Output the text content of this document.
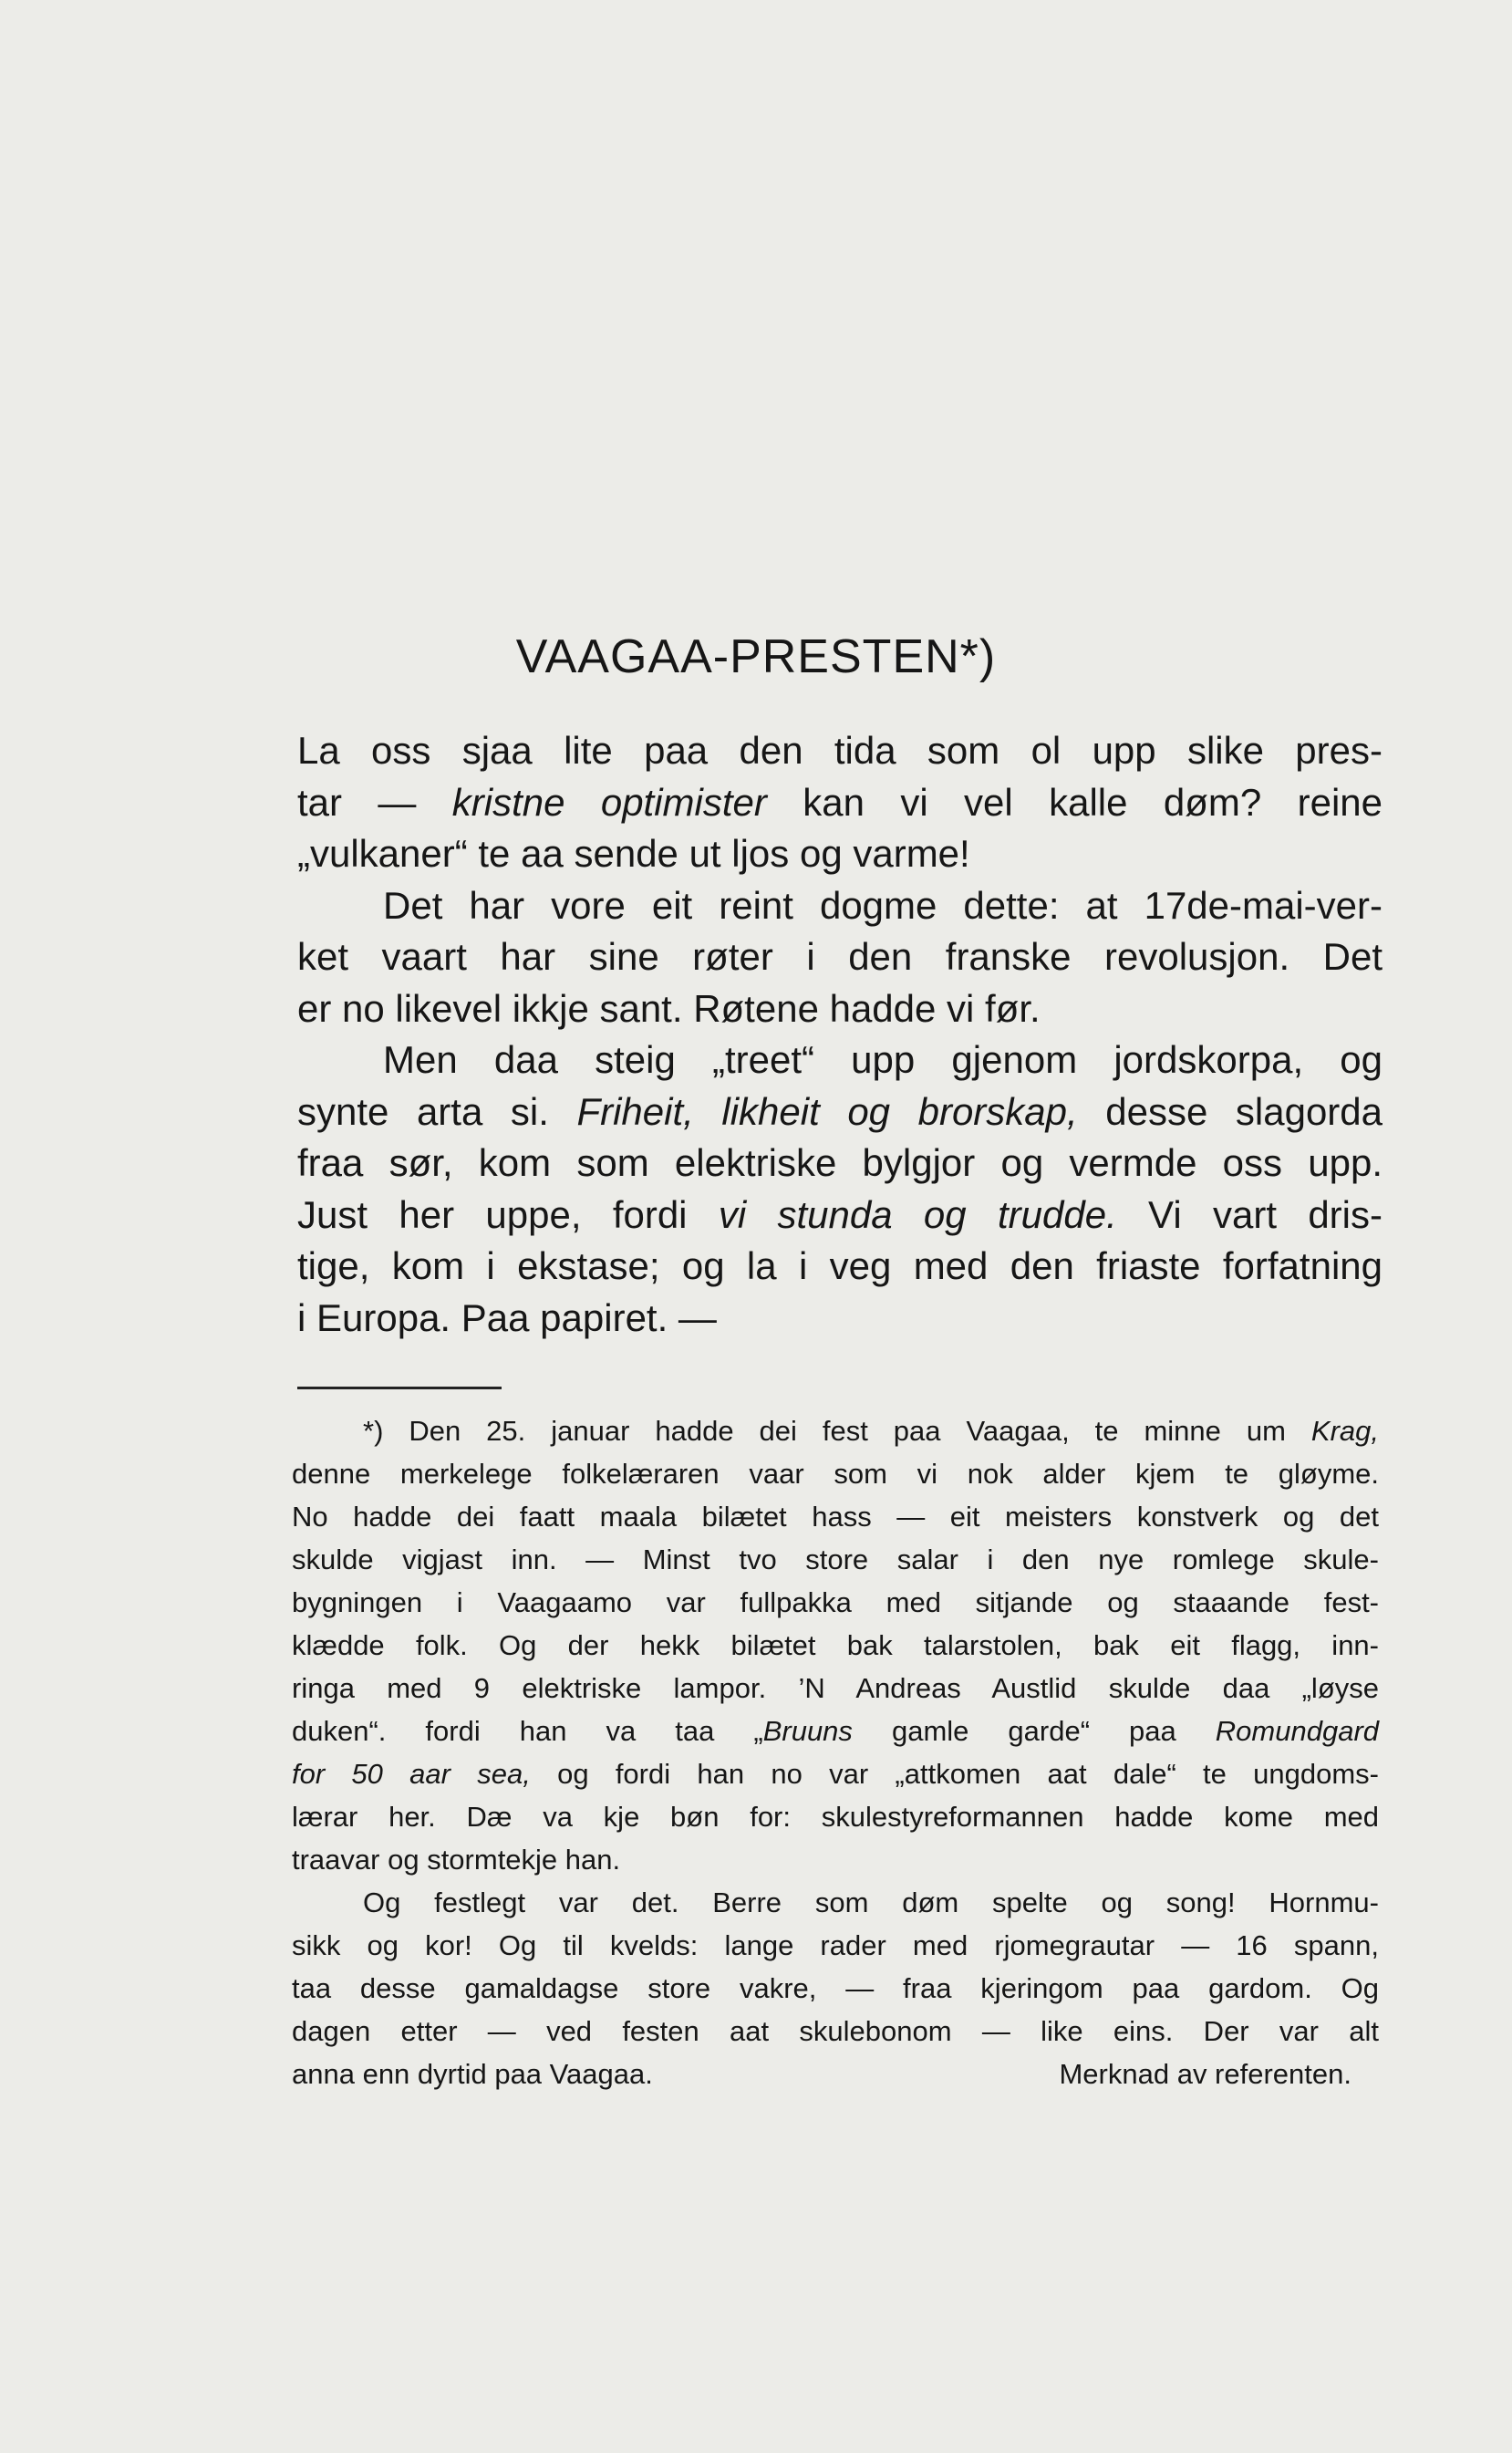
VAAGAA-PRESTEN*)
La oss sjaa lite paa den tida som ol upp slike pres-
tar — kristne optimister kan vi vel kalle døm? reine
„vulkaner“ te aa sende ut ljos og varme!
Det har vore eit reint dogme dette: at 17de-mai-ver-
ket vaart har sine røter i den franske revolusjon. Det
er no likevel ikkje sant. Røtene hadde vi før.
Men daa steig „treet“ upp gjenom jordskorpa, og
synte arta si. Friheit, likheit og brorskap, desse slagorda
fraa sør, kom som elektriske bylgjor og vermde oss upp.
Just her uppe, fordi vi stunda og trudde. Vi vart dris-
tige, kom i ekstase; og la i veg med den friaste forfatning
i Europa. Paa papiret. —
*) Den 25. januar hadde dei fest paa Vaagaa, te minne um Krag,
denne merkelege folkelæraren vaar som vi nok alder kjem te gløyme.
No hadde dei faatt maala bilætet hass — eit meisters konstverk og det
skulde vigjast inn. — Minst tvo store salar i den nye romlege skule-
bygningen i Vaagaamo var fullpakka med sitjande og staaande fest-
klædde folk. Og der hekk bilætet bak talarstolen, bak eit flagg, inn-
ringa med 9 elektriske lampor. ’N Andreas Austlid skulde daa „løyse
duken“. fordi han va taa „Bruuns gamle garde“ paa Romundgard
for 50 aar sea, og fordi han no var „attkomen aat dale“ te ungdoms-
lærar her. Dæ va kje bøn for: skulestyreformannen hadde kome med
traavar og stormtekje han.
Og festlegt var det. Berre som døm spelte og song! Hornmu-
sikk og kor! Og til kvelds: lange rader med rjomegrautar — 16 spann,
taa desse gamaldagse store vakre, — fraa kjeringom paa gardom. Og
dagen etter — ved festen aat skulebonom — like eins. Der var alt
anna enn dyrtid paa Vaagaa.	Merknad av referenten.
